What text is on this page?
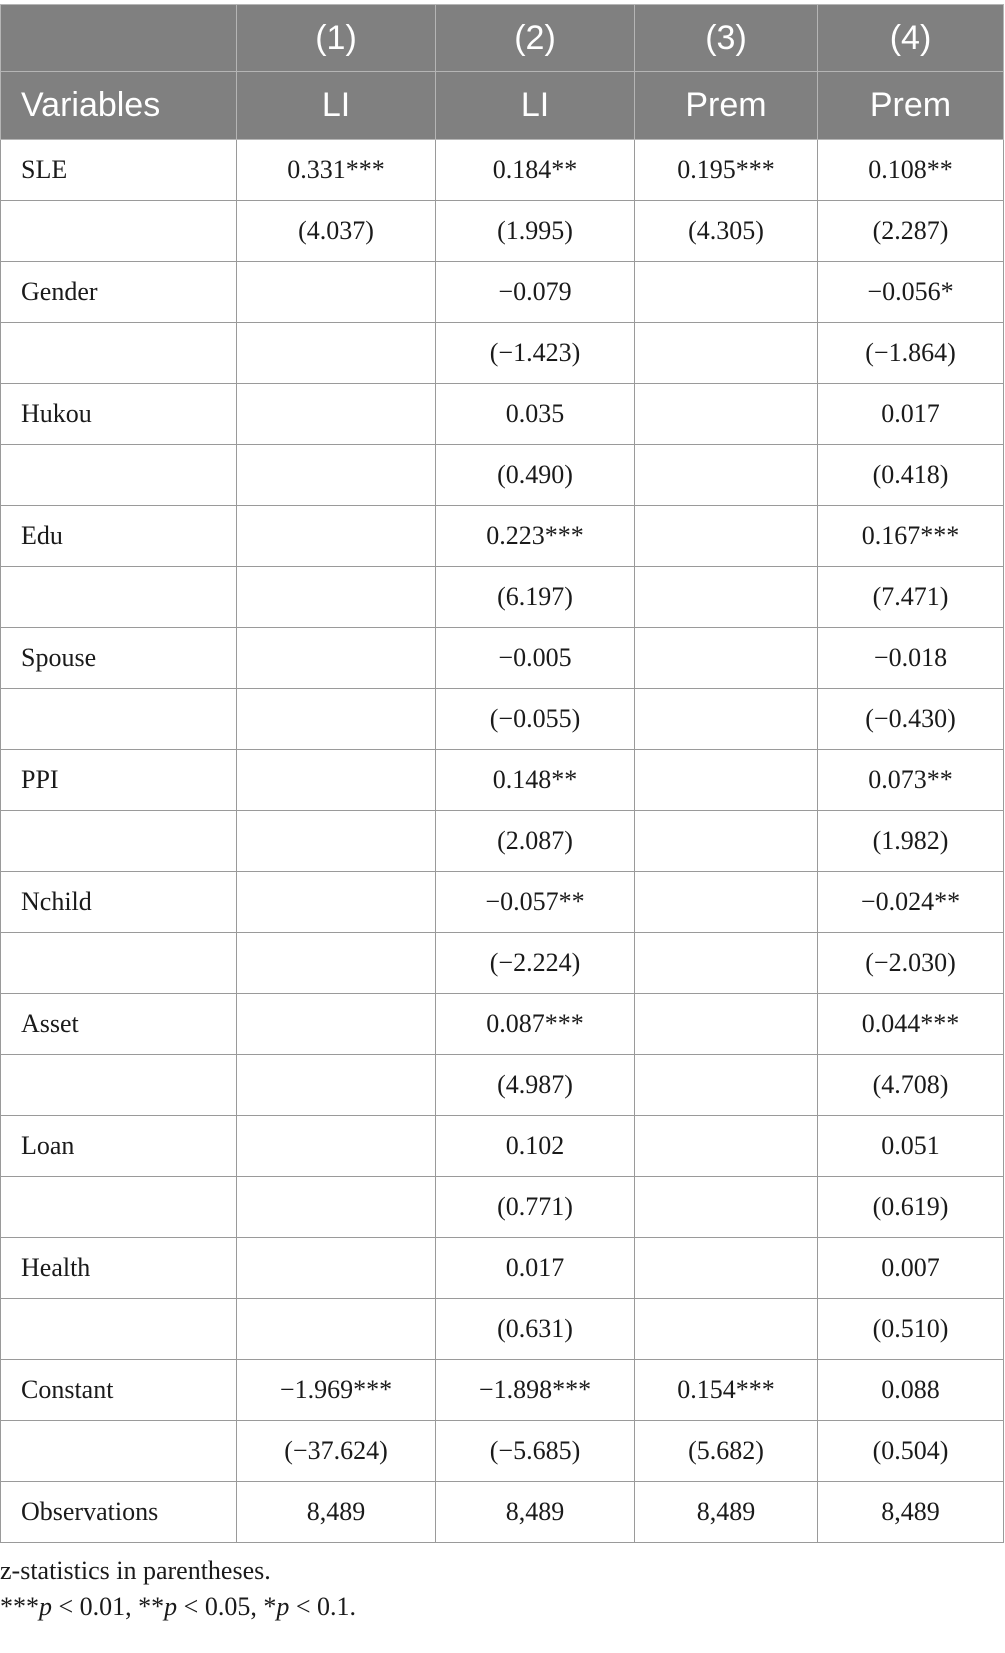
	(1)	(2)	(3)	(4)
Variables	LI	LI	Prem	Prem
SLE	0.331***	0.184**	0.195***	0.108**
	(4.037)	(1.995)	(4.305)	(2.287)
Gender		−0.079		−0.056*
		(−1.423)		(−1.864)
Hukou		0.035		0.017
		(0.490)		(0.418)
Edu		0.223***		0.167***
		(6.197)		(7.471)
Spouse		−0.005		−0.018
		(−0.055)		(−0.430)
PPI		0.148**		0.073**
		(2.087)		(1.982)
Nchild		−0.057**		−0.024**
		(−2.224)		(−2.030)
Asset		0.087***		0.044***
		(4.987)		(4.708)
Loan		0.102		0.051
		(0.771)		(0.619)
Health		0.017		0.007
		(0.631)		(0.510)
Constant	−1.969***	−1.898***	0.154***	0.088
	(−37.624)	(−5.685)	(5.682)	(0.504)
Observations	8,489	8,489	8,489	8,489
z-statistics in parentheses.
***p < 0.01, **p < 0.05, *p < 0.1.
